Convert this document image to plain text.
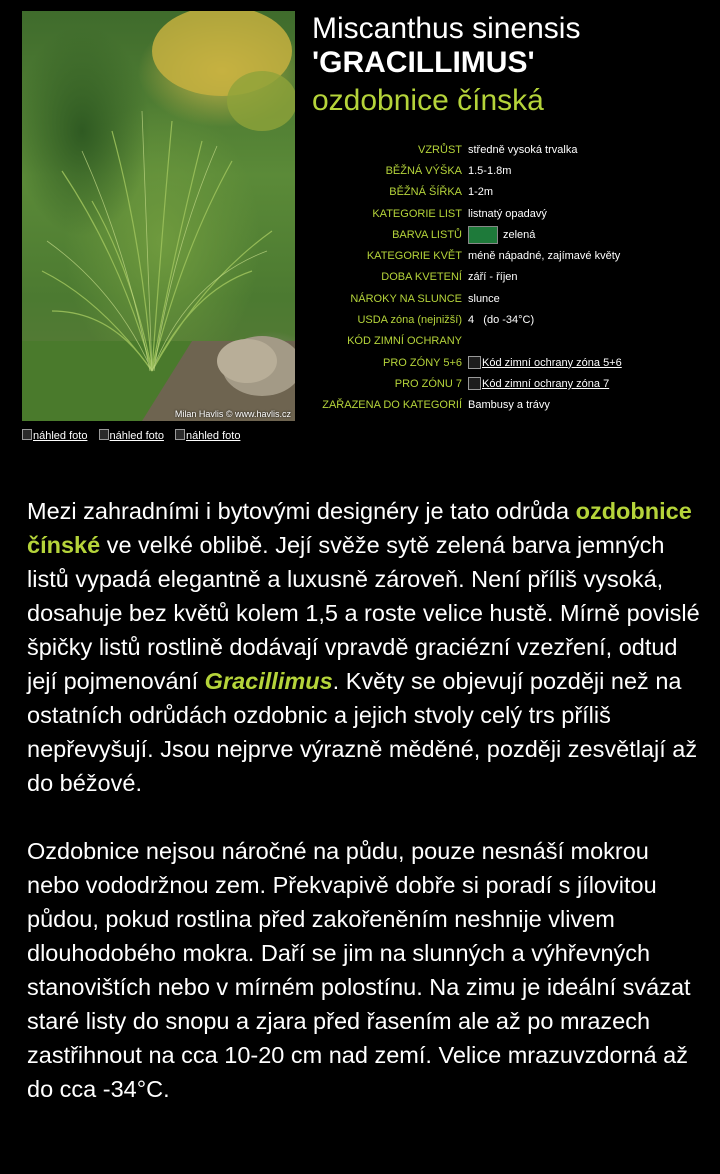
Milan Havlis © www.havlis.cz
náhled foto náhled foto náhled foto
Miscanthus sinensis
'GRACILLIMUS'
ozdobnice čínská
VZRŮST středně vysoká trvalka
BĚŽNÁ VÝŠKA 1.5-1.8m
BĚŽNÁ ŠÍŘKA 1-2m
KATEGORIE LIST listnatý opadavý
BARVA LISTŮ	zelená
KATEGORIE KVĚT méně nápadné, zajímavé květy
DOBA KVETENÍ září - říjen
NÁROKY NA SLUNCE slunce
USDA zóna (nejnižší) 4   (do -34°C)
KÓD ZIMNÍ OCHRANY
PRO ZÓNY 5+6	Kód zimní ochrany zóna 5+6
PRO ZÓNU 7	Kód zimní ochrany zóna 7
ZAŘAZENA DO KATEGORIÍ Bambusy a trávy

Mezi zahradními i bytovými designéry je tato odrůda ozdobnice čínské ve velké oblibě. Její svěže sytě zelená barva jemných listů vypadá elegantně a luxusně zároveň. Není příliš vysoká, dosahuje bez květů kolem 1,5 a roste velice hustě. Mírně povislé špičky listů rostlině dodávají vpravdě graciézní vzezření, odtud její pojmenování Gracillimus. Květy se objevují později než na ostatních odrůdách ozdobnic a jejich stvoly celý trs příliš nepřevyšují. Jsou nejprve výrazně měděné, později zesvětlají až do béžové.

Ozdobnice nejsou náročné na půdu, pouze nesnáší mokrou nebo vododržnou zem. Překvapivě dobře si poradí s jílovitou půdou, pokud rostlina před zakořeněním neshnije vlivem dlouhodobého mokra. Daří se jim na slunných a výhřevných stanovištích nebo v mírném polostínu. Na zimu je ideální svázat staré listy do snopu a zjara před řasením ale až po mrazech zastřihnout na cca 10-20 cm nad zemí. Velice mrazuvzdorná až do cca -34°C.
